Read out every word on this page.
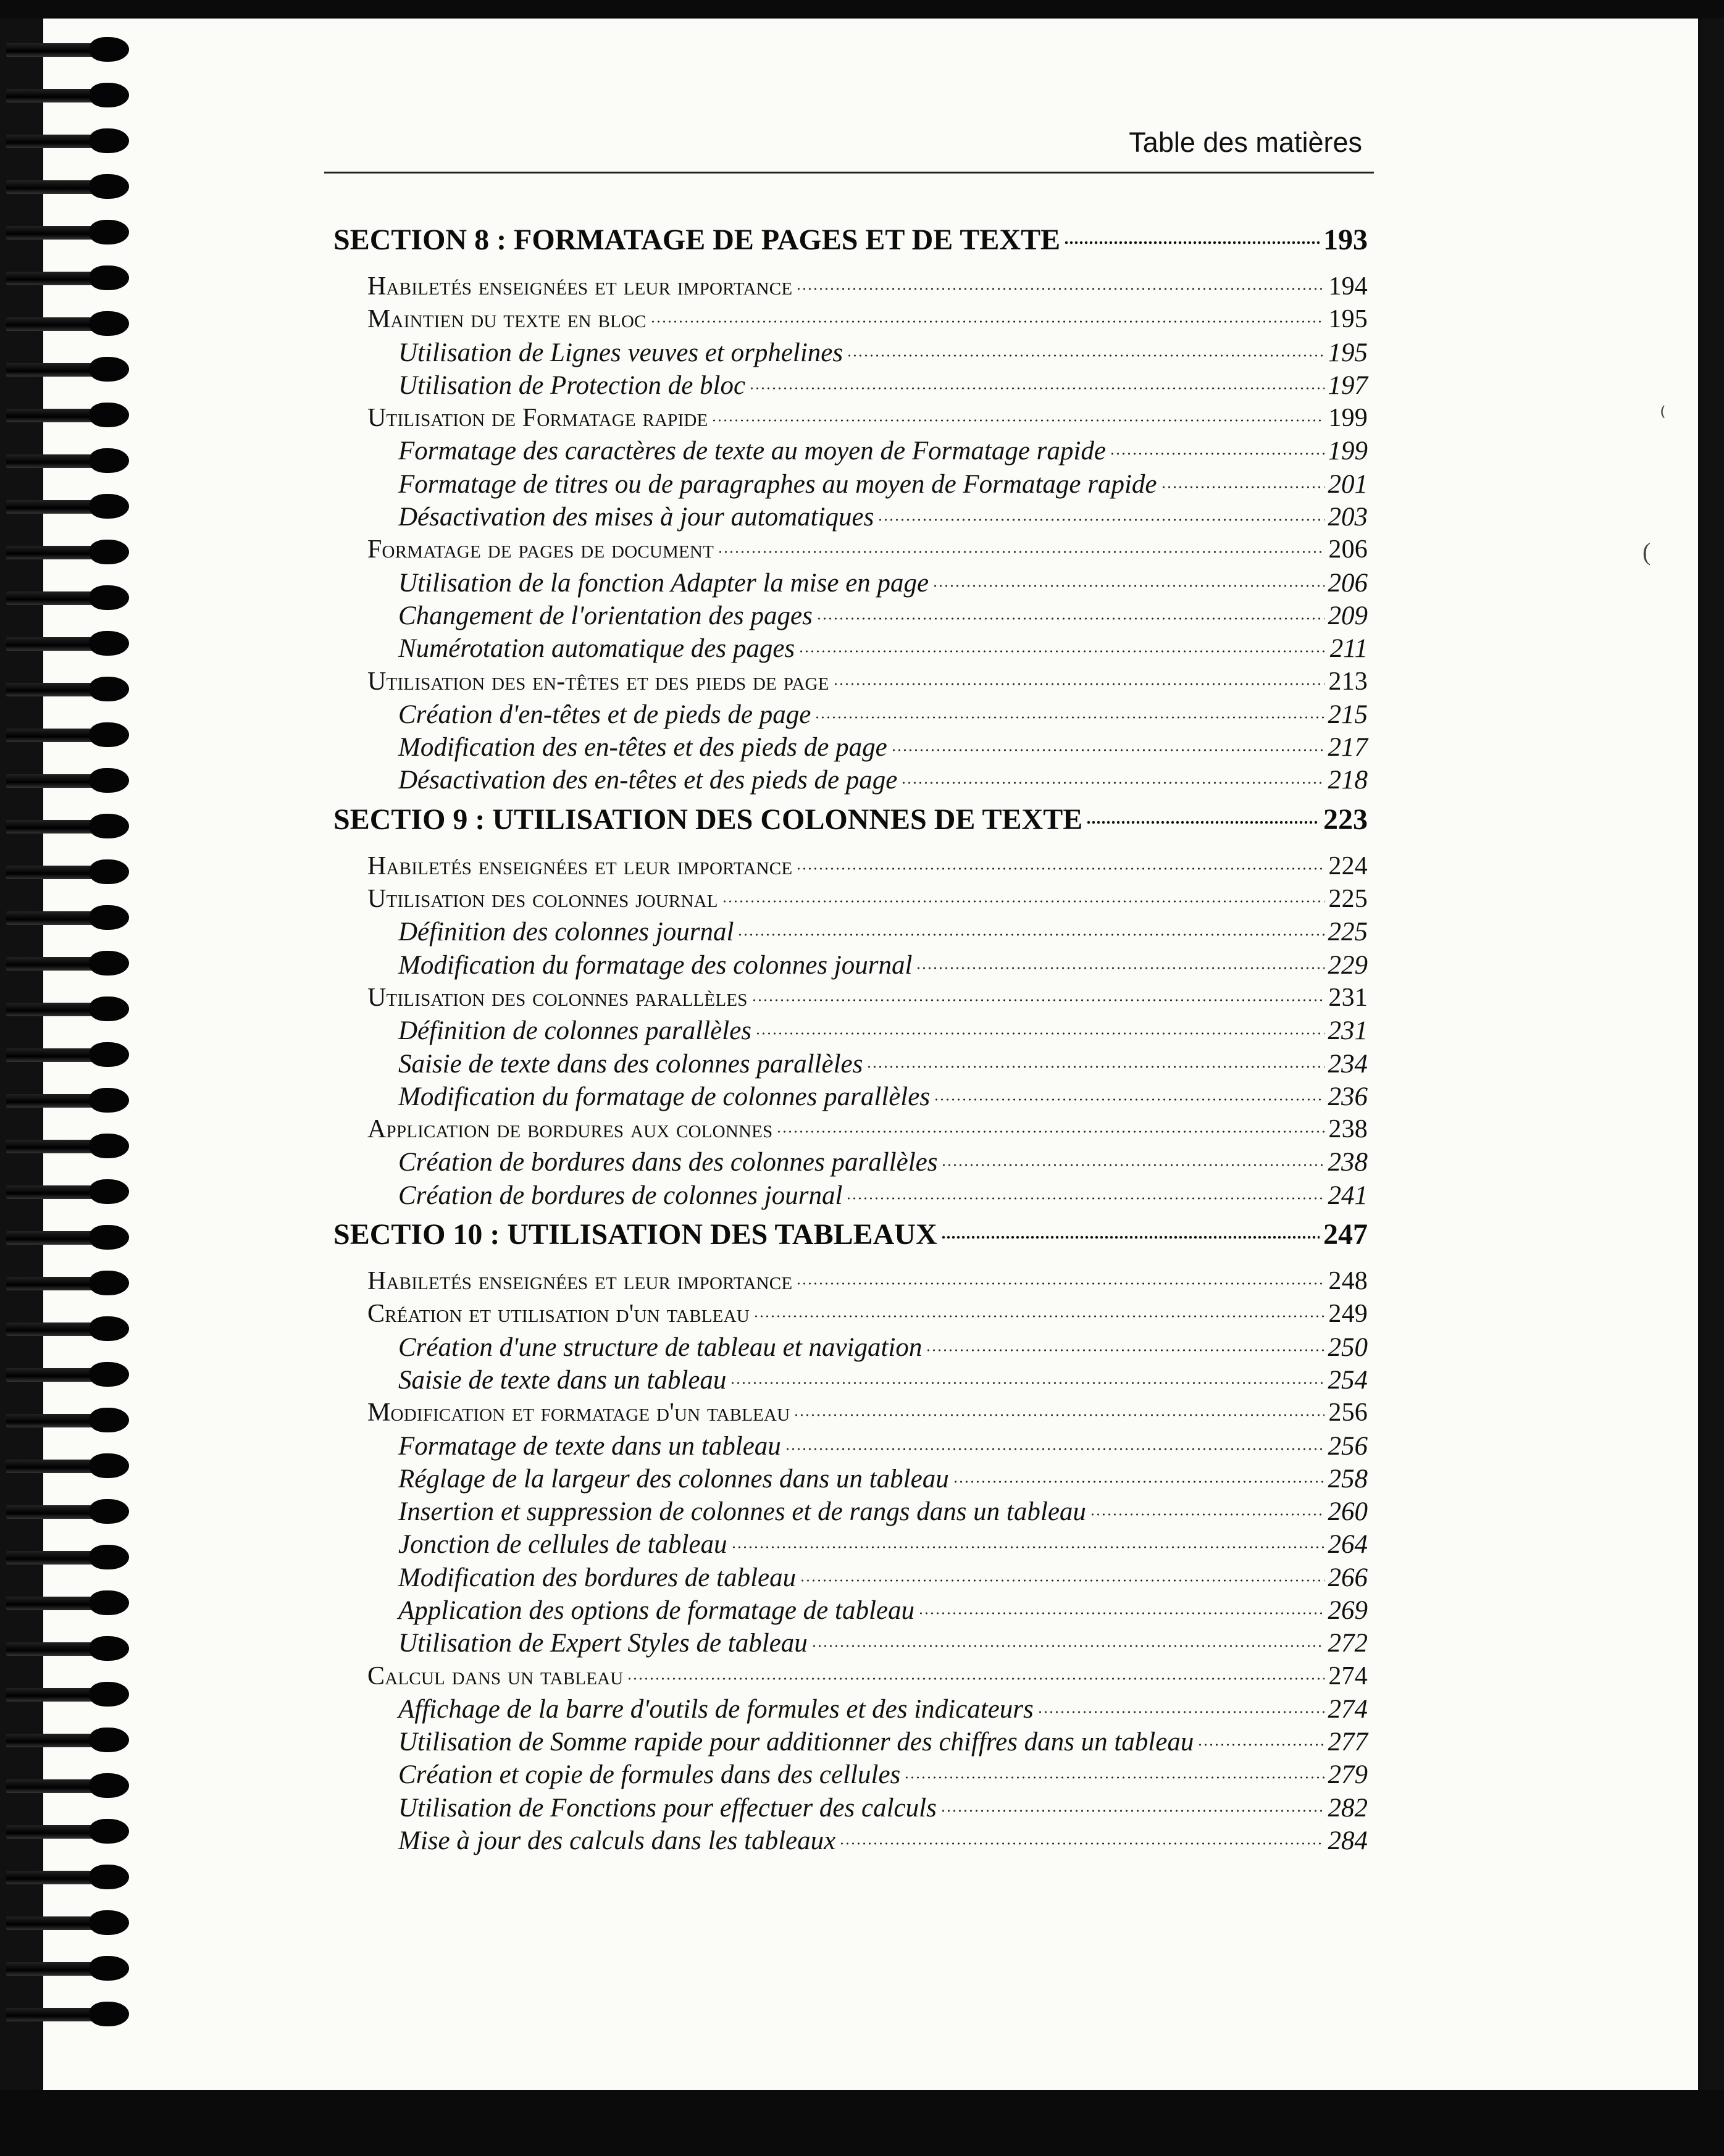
Table des matières
⁽
(
SECTION 8 : FORMATAGE DE PAGES ET DE TEXTE	193
Habiletés enseignées et leur importance	194
Maintien du texte en bloc	195
Utilisation de Lignes veuves et orphelines	195
Utilisation de Protection de bloc	197
Utilisation de Formatage rapide	199
Formatage des caractères de texte au moyen de Formatage rapide	199
Formatage de titres ou de paragraphes au moyen de Formatage rapide	201
Désactivation des mises à jour automatiques	203
Formatage de pages de document	206
Utilisation de la fonction Adapter la mise en page	206
Changement de l'orientation des pages	209
Numérotation automatique des pages	211
Utilisation des en-têtes et des pieds de page	213
Création d'en-têtes et de pieds de page	215
Modification des en-têtes et des pieds de page	217
Désactivation des en-têtes et des pieds de page	218
SECTIO 9 : UTILISATION DES COLONNES DE TEXTE	223
Habiletés enseignées et leur importance	224
Utilisation des colonnes journal	225
Définition des colonnes journal	225
Modification du formatage des colonnes journal	229
Utilisation des colonnes parallèles	231
Définition de colonnes parallèles	231
Saisie de texte dans des colonnes parallèles	234
Modification du formatage de colonnes parallèles	236
Application de bordures aux colonnes	238
Création de bordures dans des colonnes parallèles	238
Création de bordures de colonnes journal	241
SECTIO 10 : UTILISATION DES TABLEAUX	247
Habiletés enseignées et leur importance	248
Création et utilisation d'un tableau	249
Création d'une structure de tableau et navigation	250
Saisie de texte dans un tableau	254
Modification et formatage d'un tableau	256
Formatage de texte dans un tableau	256
Réglage de la largeur des colonnes dans un tableau	258
Insertion et suppression de colonnes et de rangs dans un tableau	260
Jonction de cellules de tableau	264
Modification des bordures de tableau	266
Application des options de formatage de tableau	269
Utilisation de Expert Styles de tableau	272
Calcul dans un tableau	274
Affichage de la barre d'outils de formules et des indicateurs	274
Utilisation de Somme rapide pour additionner des chiffres dans un tableau	277
Création et copie de formules dans des cellules	279
Utilisation de Fonctions pour effectuer des calculs	282
Mise à jour des calculs dans les tableaux	284
